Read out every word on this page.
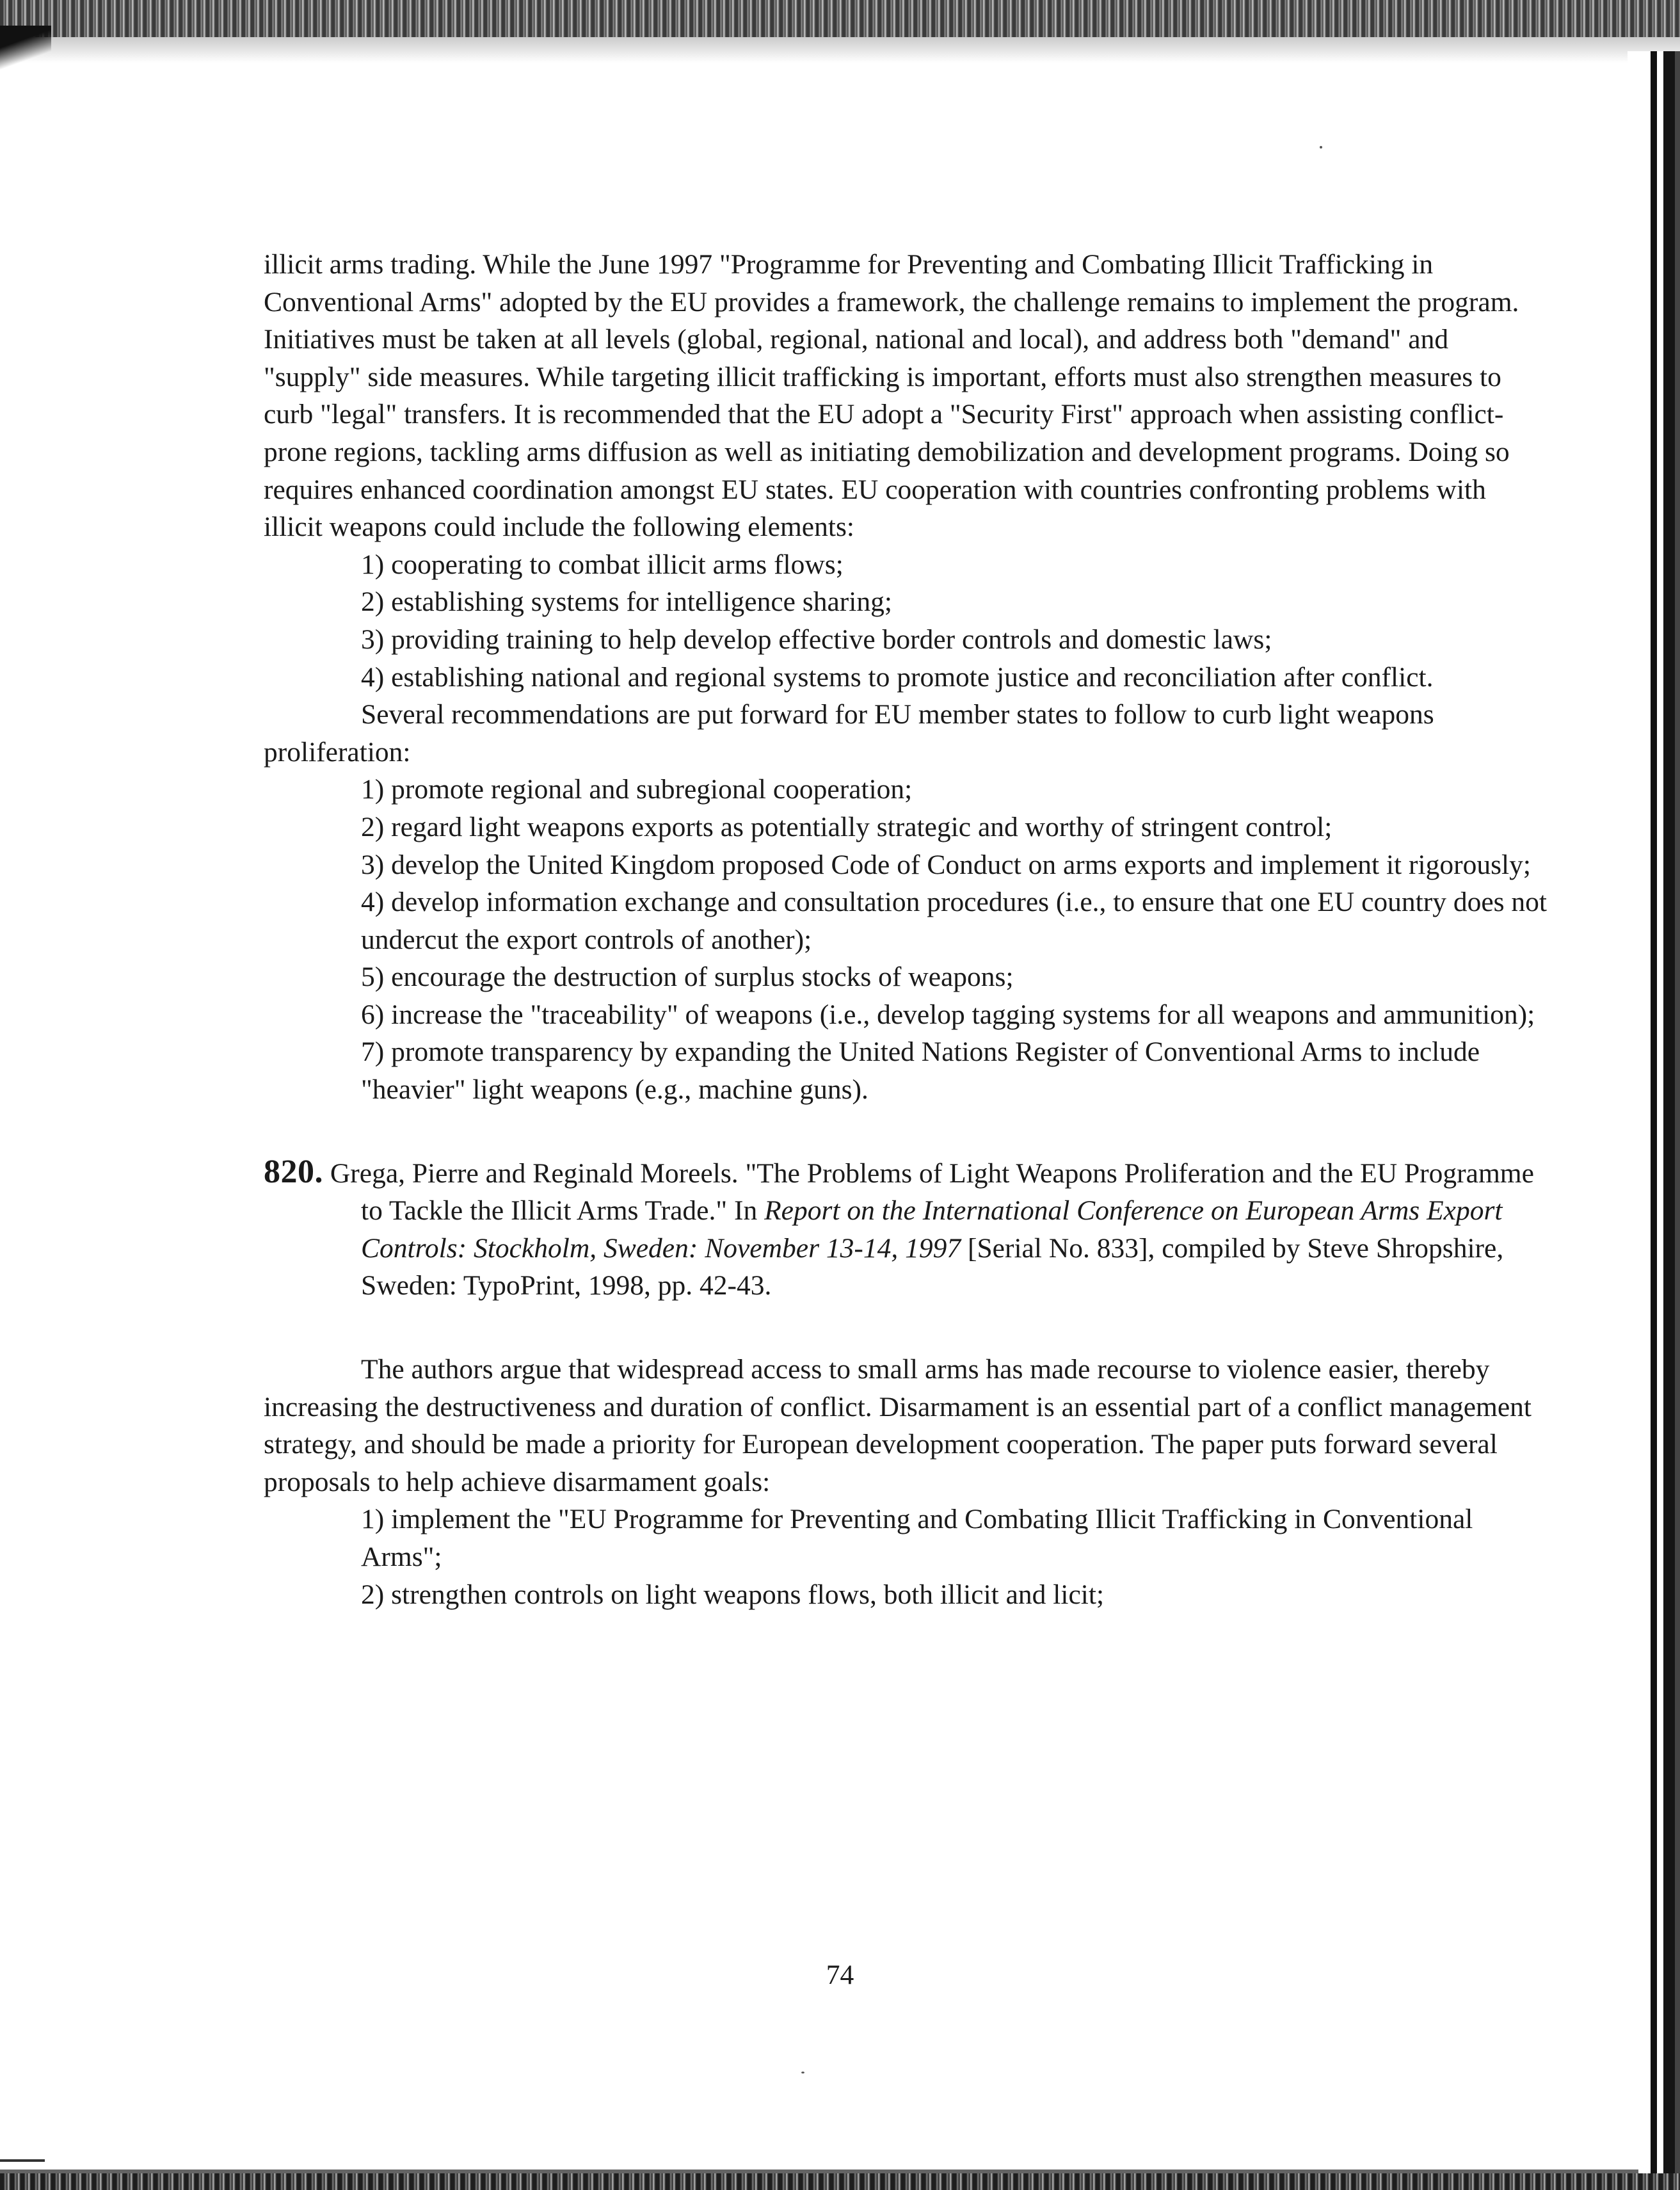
illicit arms trading. While the June 1997 "Programme for Preventing and Combating Illicit Trafficking in Conventional Arms" adopted by the EU provides a framework, the challenge remains to implement the program. Initiatives must be taken at all levels (global, regional, national and local), and address both "demand" and "supply" side measures. While targeting illicit trafficking is important, efforts must also strengthen measures to curb "legal" transfers. It is recommended that the EU adopt a "Security First" approach when assisting conflict-prone regions, tackling arms diffusion as well as initiating demobilization and development programs. Doing so requires enhanced coordination amongst EU states. EU cooperation with countries confronting problems with illicit weapons could include the following elements:

1) cooperating to combat illicit arms flows;
2) establishing systems for intelligence sharing;
3) providing training to help develop effective border controls and domestic laws;
4) establishing national and regional systems to promote justice and reconciliation after conflict.

Several recommendations are put forward for EU member states to follow to curb light weapons proliferation:

1) promote regional and subregional cooperation;
2) regard light weapons exports as potentially strategic and worthy of stringent control;
3) develop the United Kingdom proposed Code of Conduct on arms exports and implement it rigorously;
4) develop information exchange and consultation procedures (i.e., to ensure that one EU country does not undercut the export controls of another);
5) encourage the destruction of surplus stocks of weapons;
6) increase the "traceability" of weapons (i.e., develop tagging systems for all weapons and ammunition);
7) promote transparency by expanding the United Nations Register of Conventional Arms to include "heavier" light weapons (e.g., machine guns).

820. Grega, Pierre and Reginald Moreels. "The Problems of Light Weapons Proliferation and the EU Programme to Tackle the Illicit Arms Trade." In Report on the International Conference on European Arms Export Controls: Stockholm, Sweden: November 13-14, 1997 [Serial No. 833], compiled by Steve Shropshire, Sweden: TypoPrint, 1998, pp. 42-43.

The authors argue that widespread access to small arms has made recourse to violence easier, thereby increasing the destructiveness and duration of conflict. Disarmament is an essential part of a conflict management strategy, and should be made a priority for European development cooperation. The paper puts forward several proposals to help achieve disarmament goals:

1) implement the "EU Programme for Preventing and Combating Illicit Trafficking in Conventional Arms";
2) strengthen controls on light weapons flows, both illicit and licit;

74
